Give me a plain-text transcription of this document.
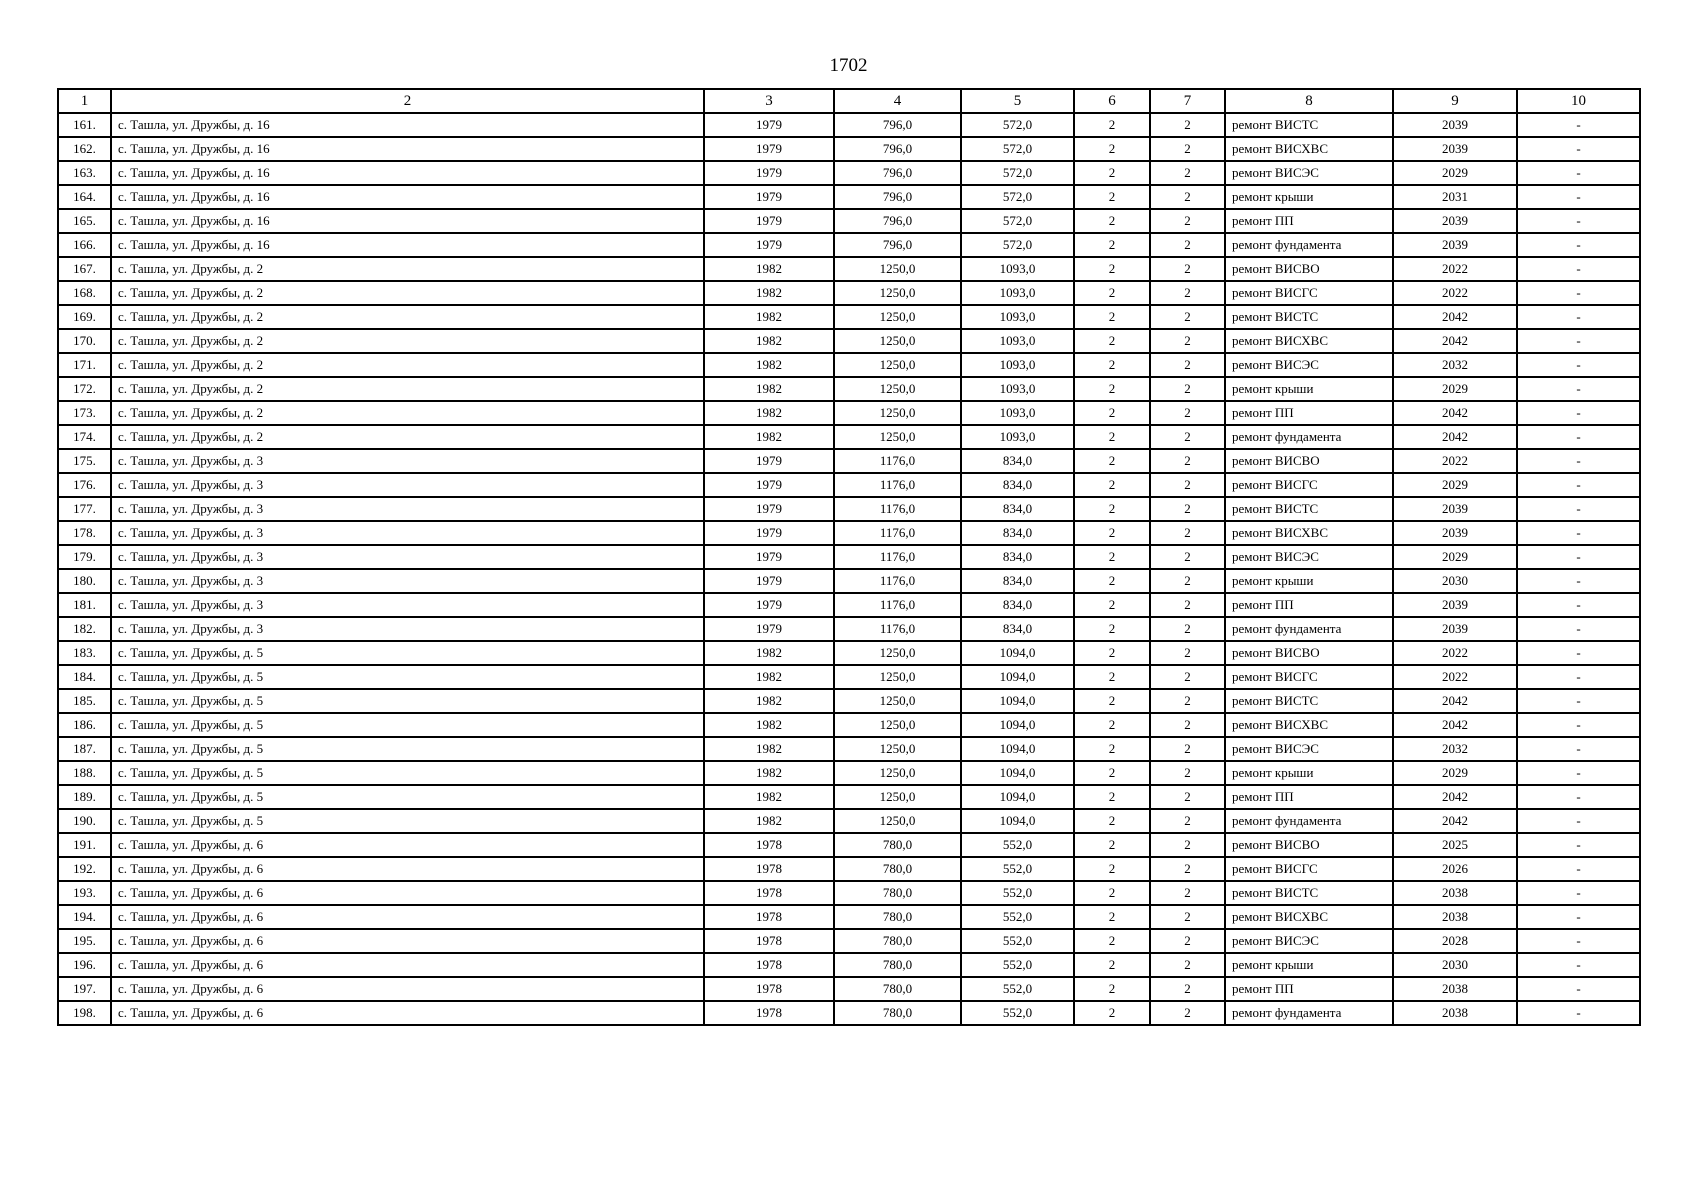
1702
1	2	3	4	5	6	7	8	9	10
161.	с. Ташла, ул. Дружбы, д. 16	1979	796,0	572,0	2	2	ремонт ВИСТС	2039	-
162.	с. Ташла, ул. Дружбы, д. 16	1979	796,0	572,0	2	2	ремонт ВИСХВС	2039	-
163.	с. Ташла, ул. Дружбы, д. 16	1979	796,0	572,0	2	2	ремонт ВИСЭС	2029	-
164.	с. Ташла, ул. Дружбы, д. 16	1979	796,0	572,0	2	2	ремонт крыши	2031	-
165.	с. Ташла, ул. Дружбы, д. 16	1979	796,0	572,0	2	2	ремонт ПП	2039	-
166.	с. Ташла, ул. Дружбы, д. 16	1979	796,0	572,0	2	2	ремонт фундамента	2039	-
167.	с. Ташла, ул. Дружбы, д. 2	1982	1250,0	1093,0	2	2	ремонт ВИСВО	2022	-
168.	с. Ташла, ул. Дружбы, д. 2	1982	1250,0	1093,0	2	2	ремонт ВИСГС	2022	-
169.	с. Ташла, ул. Дружбы, д. 2	1982	1250,0	1093,0	2	2	ремонт ВИСТС	2042	-
170.	с. Ташла, ул. Дружбы, д. 2	1982	1250,0	1093,0	2	2	ремонт ВИСХВС	2042	-
171.	с. Ташла, ул. Дружбы, д. 2	1982	1250,0	1093,0	2	2	ремонт ВИСЭС	2032	-
172.	с. Ташла, ул. Дружбы, д. 2	1982	1250,0	1093,0	2	2	ремонт крыши	2029	-
173.	с. Ташла, ул. Дружбы, д. 2	1982	1250,0	1093,0	2	2	ремонт ПП	2042	-
174.	с. Ташла, ул. Дружбы, д. 2	1982	1250,0	1093,0	2	2	ремонт фундамента	2042	-
175.	с. Ташла, ул. Дружбы, д. 3	1979	1176,0	834,0	2	2	ремонт ВИСВО	2022	-
176.	с. Ташла, ул. Дружбы, д. 3	1979	1176,0	834,0	2	2	ремонт ВИСГС	2029	-
177.	с. Ташла, ул. Дружбы, д. 3	1979	1176,0	834,0	2	2	ремонт ВИСТС	2039	-
178.	с. Ташла, ул. Дружбы, д. 3	1979	1176,0	834,0	2	2	ремонт ВИСХВС	2039	-
179.	с. Ташла, ул. Дружбы, д. 3	1979	1176,0	834,0	2	2	ремонт ВИСЭС	2029	-
180.	с. Ташла, ул. Дружбы, д. 3	1979	1176,0	834,0	2	2	ремонт крыши	2030	-
181.	с. Ташла, ул. Дружбы, д. 3	1979	1176,0	834,0	2	2	ремонт ПП	2039	-
182.	с. Ташла, ул. Дружбы, д. 3	1979	1176,0	834,0	2	2	ремонт фундамента	2039	-
183.	с. Ташла, ул. Дружбы, д. 5	1982	1250,0	1094,0	2	2	ремонт ВИСВО	2022	-
184.	с. Ташла, ул. Дружбы, д. 5	1982	1250,0	1094,0	2	2	ремонт ВИСГС	2022	-
185.	с. Ташла, ул. Дружбы, д. 5	1982	1250,0	1094,0	2	2	ремонт ВИСТС	2042	-
186.	с. Ташла, ул. Дружбы, д. 5	1982	1250,0	1094,0	2	2	ремонт ВИСХВС	2042	-
187.	с. Ташла, ул. Дружбы, д. 5	1982	1250,0	1094,0	2	2	ремонт ВИСЭС	2032	-
188.	с. Ташла, ул. Дружбы, д. 5	1982	1250,0	1094,0	2	2	ремонт крыши	2029	-
189.	с. Ташла, ул. Дружбы, д. 5	1982	1250,0	1094,0	2	2	ремонт ПП	2042	-
190.	с. Ташла, ул. Дружбы, д. 5	1982	1250,0	1094,0	2	2	ремонт фундамента	2042	-
191.	с. Ташла, ул. Дружбы, д. 6	1978	780,0	552,0	2	2	ремонт ВИСВО	2025	-
192.	с. Ташла, ул. Дружбы, д. 6	1978	780,0	552,0	2	2	ремонт ВИСГС	2026	-
193.	с. Ташла, ул. Дружбы, д. 6	1978	780,0	552,0	2	2	ремонт ВИСТС	2038	-
194.	с. Ташла, ул. Дружбы, д. 6	1978	780,0	552,0	2	2	ремонт ВИСХВС	2038	-
195.	с. Ташла, ул. Дружбы, д. 6	1978	780,0	552,0	2	2	ремонт ВИСЭС	2028	-
196.	с. Ташла, ул. Дружбы, д. 6	1978	780,0	552,0	2	2	ремонт крыши	2030	-
197.	с. Ташла, ул. Дружбы, д. 6	1978	780,0	552,0	2	2	ремонт ПП	2038	-
198.	с. Ташла, ул. Дружбы, д. 6	1978	780,0	552,0	2	2	ремонт фундамента	2038	-
